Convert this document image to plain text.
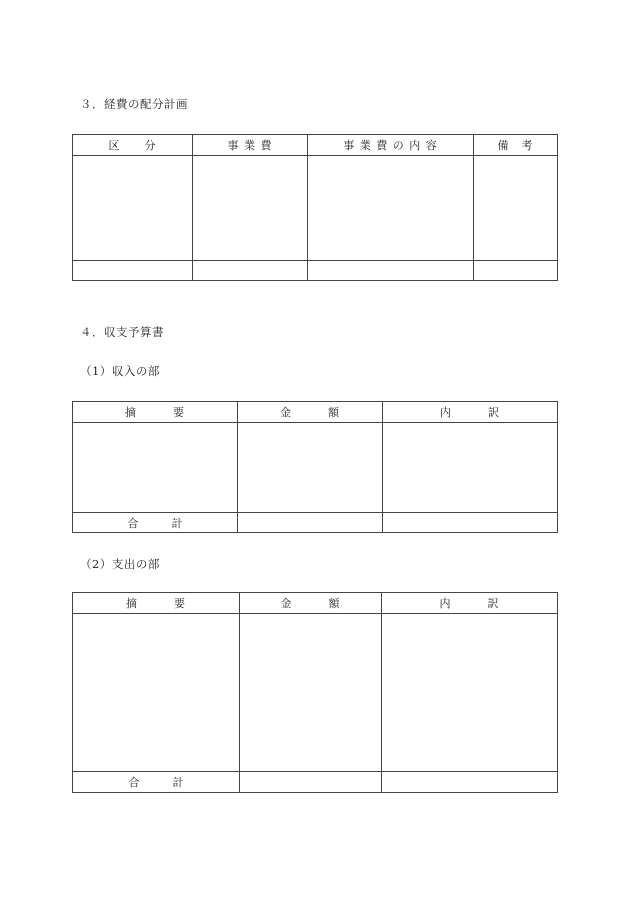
３．経費の配分計画
区　　分	事 業 費	事 業 費 の 内 容	備　考

４．収支予算書
（1）収入の部
摘　　　要	金　　　額	内　　　訳

合　　　計		
（2）支出の部
摘　　　要	金　　　額	内　　　訳

合　　　計		
